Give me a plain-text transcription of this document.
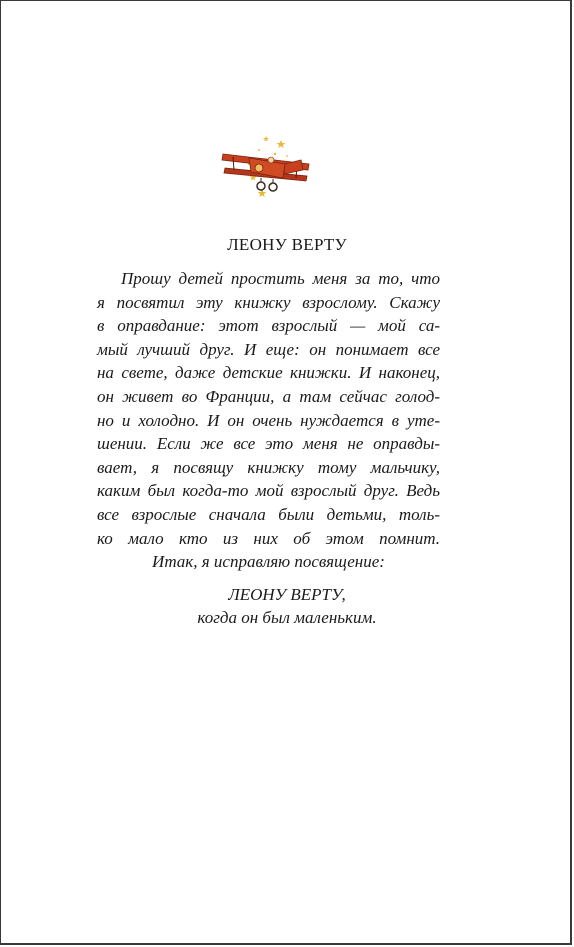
ЛЕОНУ ВЕРТУ
Прошу детей простить меня за то, что
я посвятил эту книжку взрослому. Скажу
в оправдание: этот взрослый — мой са-
мый лучший друг. И еще: он понимает все
на свете, даже детские книжки. И наконец,
он живет во Франции, а там сейчас голод-
но и холодно. И он очень нуждается в уте-
шении. Если же все это меня не оправды-
вает, я посвящу книжку тому мальчику,
каким был когда-то мой взрослый друг. Ведь
все взрослые сначала были детьми, толь-
ко мало кто из них об этом помнит.
Итак, я исправляю посвящение:
ЛЕОНУ ВЕРТУ,
когда он был маленьким.
